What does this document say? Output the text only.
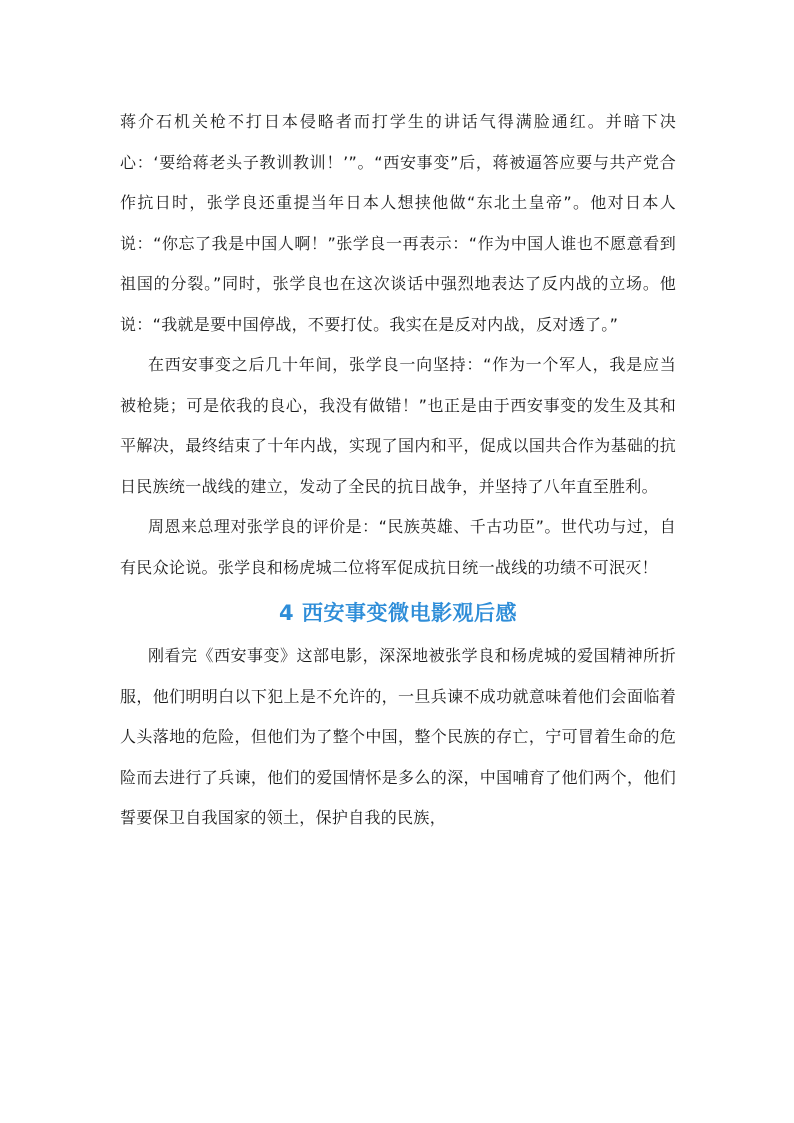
蒋介石机关枪不打日本侵略者而打学生的讲话气得满脸通红。并暗下决心：‘要给蒋老头子教训教训！’”。“西安事变”后，蒋被逼答应要与共产党合作抗日时，张学良还重提当年日本人想挟他做“东北土皇帝”。他对日本人说：“你忘了我是中国人啊！”张学良一再表示：“作为中国人谁也不愿意看到祖国的分裂。”同时，张学良也在这次谈话中强烈地表达了反内战的立场。他说：“我就是要中国停战，不要打仗。我实在是反对内战，反对透了。”

在西安事变之后几十年间，张学良一向坚持：“作为一个军人，我是应当被枪毙；可是依我的良心，我没有做错！”也正是由于西安事变的发生及其和平解决，最终结束了十年内战，实现了国内和平，促成以国共合作为基础的抗日民族统一战线的建立，发动了全民的抗日战争，并坚持了八年直至胜利。

周恩来总理对张学良的评价是：“民族英雄、千古功臣”。世代功与过，自有民众论说。张学良和杨虎城二位将军促成抗日统一战线的功绩不可泯灭！

4 西安事变微电影观后感

刚看完《西安事变》这部电影，深深地被张学良和杨虎城的爱国精神所折服，他们明明白以下犯上是不允许的，一旦兵谏不成功就意味着他们会面临着人头落地的危险，但他们为了整个中国，整个民族的存亡，宁可冒着生命的危险而去进行了兵谏，他们的爱国情怀是多么的深，中国哺育了他们两个，他们誓要保卫自我国家的领土，保护自我的民族，
